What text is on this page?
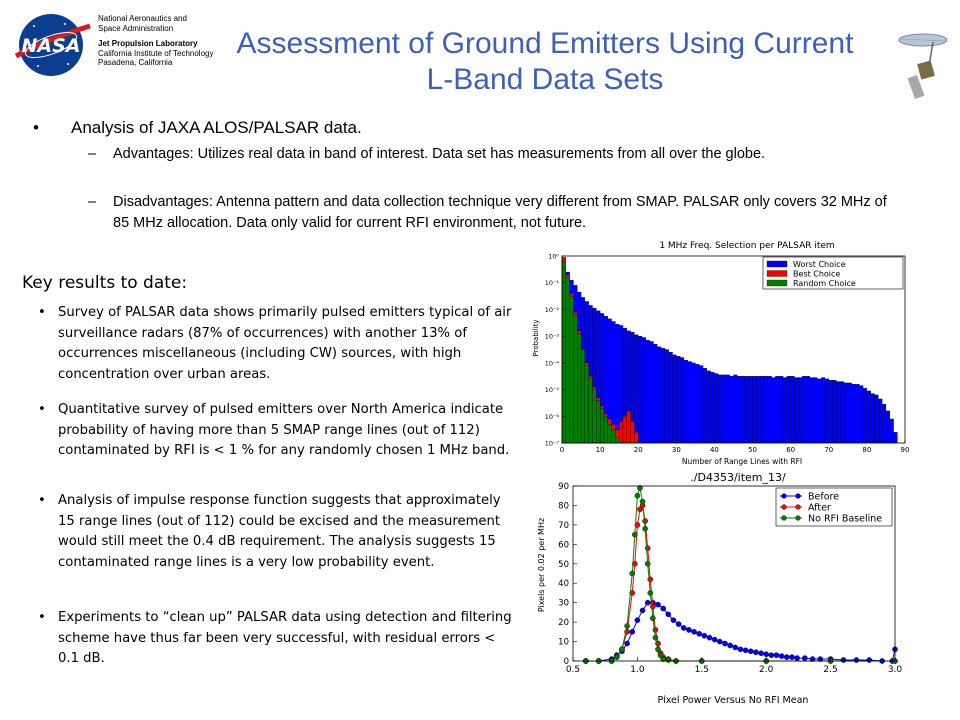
NASA
National Aeronautics and
Space Administration
Jet Propulsion Laboratory
California Institute of Technology
Pasadena, California
Assessment of Ground Emitters Using Current
L-Band Data Sets
• Analysis of JAXA ALOS/PALSAR data.
– Advantages: Utilizes real data in band of interest. Data set has measurements from all over the globe.
– Disadvantages: Antenna pattern and data collection technique very different from SMAP. PALSAR only covers 32 MHz of 85 MHz allocation. Data only valid for current RFI environment, not future.
Key results to date:
• Survey of PALSAR data shows primarily pulsed emitters typical of air surveillance radars (87% of occurrences) with another 13% of occurrences miscellaneous (including CW) sources, with high concentration over urban areas.
• Quantitative survey of pulsed emitters over North America indicate probability of having more than 5 SMAP range lines (out of 112) contaminated by RFI is < 1 % for any randomly chosen 1 MHz band.
• Analysis of impulse response function suggests that approximately 15 range lines (out of 112) could be excised and the measurement would still meet the 0.4 dB requirement. The analysis suggests 15 contaminated range lines is a very low probability event.
• Experiments to “clean up” PALSAR data using detection and filtering scheme have thus far been very successful, with residual errors < 0.1 dB.
1 MHz Freq. Selection per PALSAR item
Probability
Number of Range Lines with RFI
0	10	20	30	40	50	60	70	80	90
10⁻⁷
10⁻⁶
10⁻⁵
10⁻⁴
10⁻³
10⁻²
10⁻¹
10⁰
Worst Choice
Best Choice
Random Choice
./D4353/item_13/
Pixels per 0.02 per MHz
Pixel Power Versus No RFI Mean
0.5	1.0	1.5	2.0	2.5	3.0
0
10
20
30
40
50
60
70
80
90
Before
After
No RFI Baseline
